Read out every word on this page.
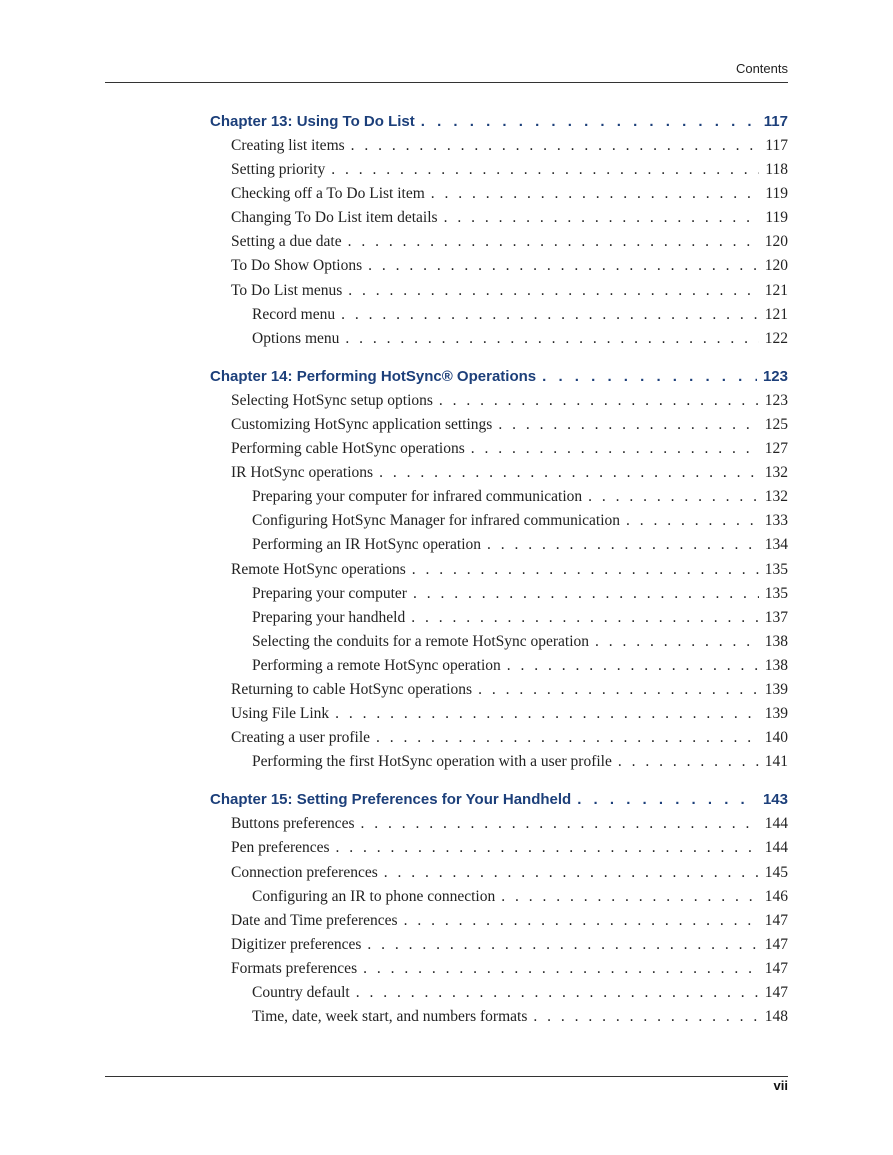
Contents
Chapter 13: Using To Do List . . .	117
Creating list items . . .	117
Setting priority . . .	118
Checking off a To Do List item . . .	119
Changing To Do List item details . . .	119
Setting a due date . . .	120
To Do Show Options . . .	120
To Do List menus . . .	121
Record menu . . .	121
Options menu . . .	122
Chapter 14: Performing HotSync® Operations . . .	123
Selecting HotSync setup options . . .	123
Customizing HotSync application settings . . .	125
Performing cable HotSync operations . . .	127
IR HotSync operations . . .	132
Preparing your computer for infrared communication . . .	132
Configuring HotSync Manager for infrared communication . . .	133
Performing an IR HotSync operation . . .	134
Remote HotSync operations . . .	135
Preparing your computer . . .	135
Preparing your handheld . . .	137
Selecting the conduits for a remote HotSync operation . . .	138
Performing a remote HotSync operation . . .	138
Returning to cable HotSync operations . . .	139
Using File Link . . .	139
Creating a user profile . . .	140
Performing the first HotSync operation with a user profile . . .	141
Chapter 15: Setting Preferences for Your Handheld . . .	143
Buttons preferences . . .	144
Pen preferences . . .	144
Connection preferences . . .	145
Configuring an IR to phone connection . . .	146
Date and Time preferences . . .	147
Digitizer preferences . . .	147
Formats preferences . . .	147
Country default . . .	147
Time, date, week start, and numbers formats . . .	148
vii
